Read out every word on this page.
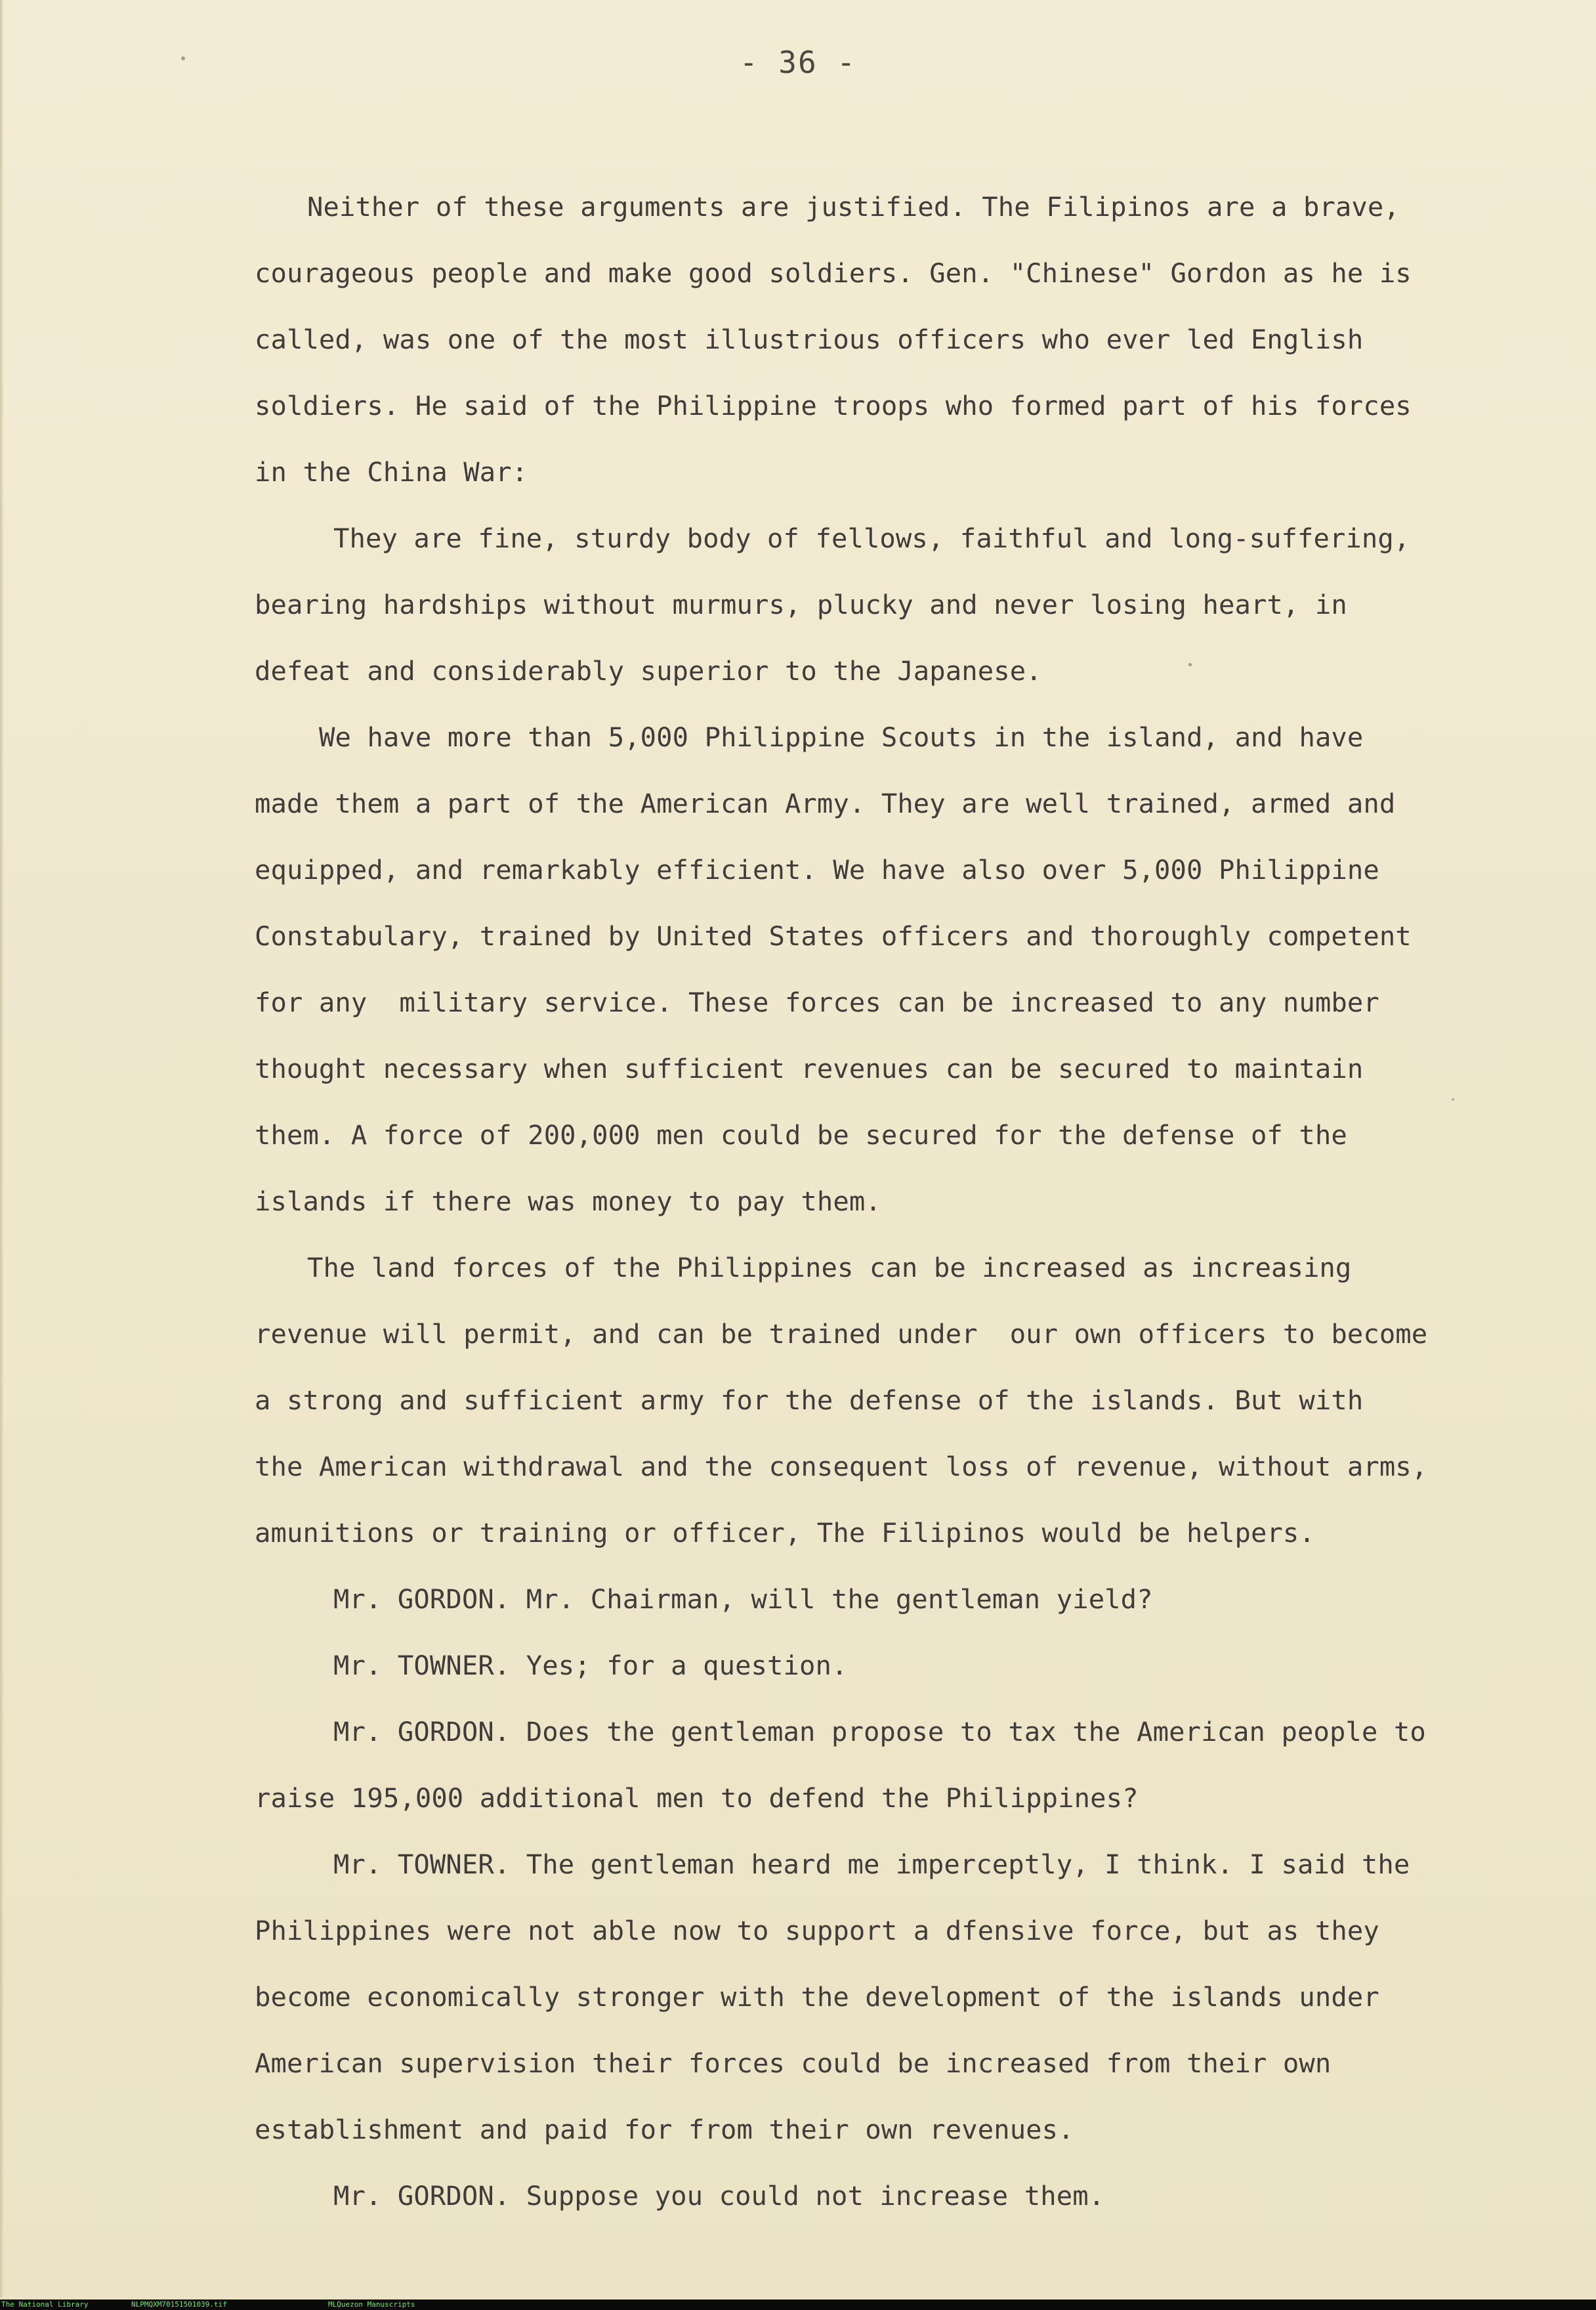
- 36 -
Neither of these arguments are justified. The Filipinos are a brave,
courageous people and make good soldiers. Gen. "Chinese" Gordon as he is
called, was one of the most illustrious officers who ever led English
soldiers. He said of the Philippine troops who formed part of his forces
in the China War:
They are fine, sturdy body of fellows, faithful and long-suffering,
bearing hardships without murmurs, plucky and never losing heart, in
defeat and considerably superior to the Japanese.
We have more than 5,000 Philippine Scouts in the island, and have
made them a part of the American Army. They are well trained, armed and
equipped, and remarkably efficient. We have also over 5,000 Philippine
Constabulary, trained by United States officers and thoroughly competent
for any  military service. These forces can be increased to any number
thought necessary when sufficient revenues can be secured to maintain
them. A force of 200,000 men could be secured for the defense of the
islands if there was money to pay them.
The land forces of the Philippines can be increased as increasing
revenue will permit, and can be trained under  our own officers to become
a strong and sufficient army for the defense of the islands. But with
the American withdrawal and the consequent loss of revenue, without arms,
amunitions or training or officer, The Filipinos would be helpers.
Mr. GORDON. Mr. Chairman, will the gentleman yield?
Mr. TOWNER. Yes; for a question.
Mr. GORDON. Does the gentleman propose to tax the American people to
raise 195,000 additional men to defend the Philippines?
Mr. TOWNER. The gentleman heard me imperceptly, I think. I said the
Philippines were not able now to support a dfensive force, but as they
become economically stronger with the development of the islands under
American supervision their forces could be increased from their own
establishment and paid for from their own revenues.
Mr. GORDON. Suppose you could not increase them.
The National Library	NLPMQXM70151501039.tif	MLQuezon Manuscripts
